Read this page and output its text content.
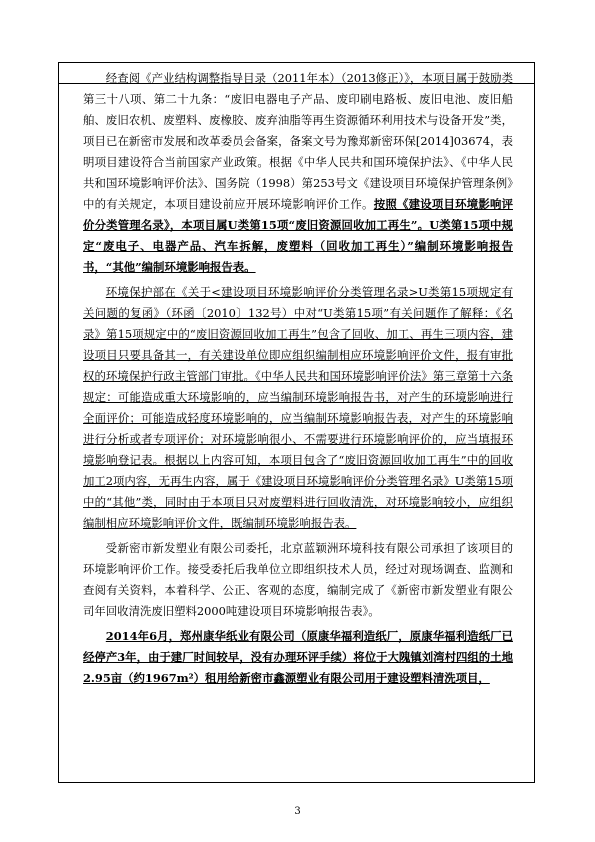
经查阅《产业结构调整指导目录（2011年本）（2013修正）》，本项目属于鼓励类第三十八项、第二十九条：“废旧电器电子产品、废印刷电路板、废旧电池、废旧船舶、废旧农机、废塑料、废橡胶、废弃油脂等再生资源循环利用技术与设备开发”类，项目已在新密市发展和改革委员会备案，备案文号为豫郑新密环保[2014]03674，表明项目建设符合当前国家产业政策。根据《中华人民共和国环境保护法》、《中华人民共和国环境影响评价法》、国务院（1998）第253号文《建设项目环境保护管理条例》中的有关规定，本项目建设前应开展环境影响评价工作。按照《建设项目环境影响评价分类管理名录》，本项目属U类第15项“废旧资源回收加工再生”。U类第15项中规定“废电子、电器产品、汽车拆解，废塑料（回收加工再生）”编制环境影响报告书，“其他”编制环境影响报告表。

环境保护部在《关于<建设项目环境影响评价分类管理名录>U类第15项规定有关问题的复函》（环函〔2010〕132号）中对“U类第15项”有关问题作了解释：《名录》第15项规定中的“废旧资源回收加工再生”包含了回收、加工、再生三项内容，建设项目只要具备其一，有关建设单位即应组织编制相应环境影响评价文件，报有审批权的环境保护行政主管部门审批。《中华人民共和国环境影响评价法》第三章第十六条规定：可能造成重大环境影响的，应当编制环境影响报告书，对产生的环境影响进行全面评价；可能造成轻度环境影响的，应当编制环境影响报告表，对产生的环境影响进行分析或者专项评价；对环境影响很小、不需要进行环境影响评价的，应当填报环境影响登记表。根据以上内容可知，本项目包含了“废旧资源回收加工再生”中的回收加工2项内容，无再生内容，属于《建设项目环境影响评价分类管理名录》U类第15项中的“其他”类，同时由于本项目只对废塑料进行回收清洗，对环境影响较小，应组织编制相应环境影响评价文件，既编制环境影响报告表。

受新密市新发塑业有限公司委托，北京蓝颖洲环境科技有限公司承担了该项目的环境影响评价工作。接受委托后我单位立即组织技术人员，经过对现场调查、监测和查阅有关资料，本着科学、公正、客观的态度，编制完成了《新密市新发塑业有限公司年回收清洗废旧塑料2000吨建设项目环境影响报告表》。

2014年6月，郑州康华纸业有限公司（原康华福利造纸厂，原康华福利造纸厂已经停产3年，由于建厂时间较早，没有办理环评手续）将位于大隗镇刘湾村四组的土地2.95亩（约1967m²）租用给新密市鑫源塑业有限公司用于建设塑料清洗项目，

3
